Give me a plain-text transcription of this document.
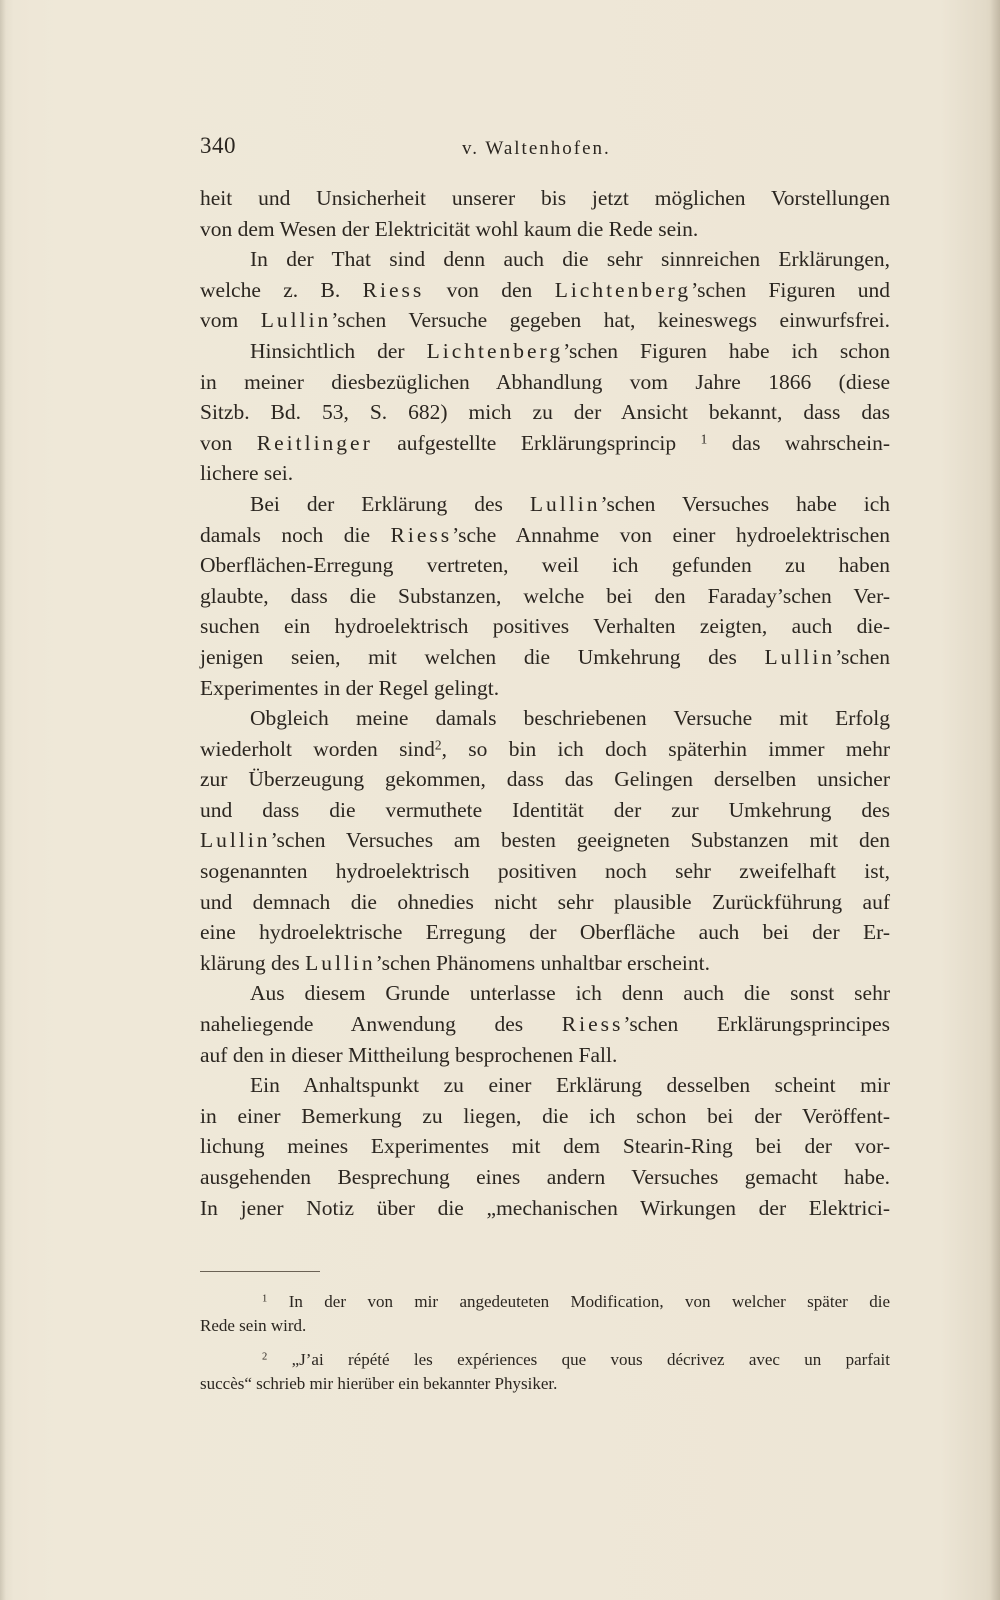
340	v. Waltenhofen.

heit und Unsicherheit unserer bis jetzt möglichen Vorstellungen

von dem Wesen der Elektricität wohl kaum die Rede sein.

In der That sind denn auch die sehr sinnreichen Erklärungen,

welche z. B. Riess von den Lichtenberg’schen Figuren und

vom Lullin’schen Versuche gegeben hat, keineswegs einwurfsfrei.

Hinsichtlich der Lichtenberg’schen Figuren habe ich schon

in meiner diesbezüglichen Abhandlung vom Jahre 1866 (diese

Sitzb. Bd. 53, S. 682) mich zu der Ansicht bekannt, dass das

von Reitlinger aufgestellte Erklärungsprincip $^1$ das wahrschein-

lichere sei.

Bei der Erklärung des Lullin’schen Versuches habe ich

damals noch die Riess’sche Annahme von einer hydroelektrischen

Oberflächen-Erregung vertreten, weil ich gefunden zu haben

glaubte, dass die Substanzen, welche bei den Faraday’schen Ver-

suchen ein hydroelektrisch positives Verhalten zeigten, auch die-

jenigen seien, mit welchen die Umkehrung des Lullin’schen

Experimentes in der Regel gelingt.

Obgleich meine damals beschriebenen Versuche mit Erfolg

wiederholt worden sind$^2$, so bin ich doch späterhin immer mehr

zur Überzeugung gekommen, dass das Gelingen derselben unsicher

und dass die vermuthete Identität der zur Umkehrung des

Lullin’schen Versuches am besten geeigneten Substanzen mit den

sogenannten hydroelektrisch positiven noch sehr zweifelhaft ist,

und demnach die ohnedies nicht sehr plausible Zurückführung auf

eine hydroelektrische Erregung der Oberfläche auch bei der Er-

klärung des Lullin’schen Phänomens unhaltbar erscheint.

Aus diesem Grunde unterlasse ich denn auch die sonst sehr

naheliegende Anwendung des Riess’schen Erklärungsprincipes

auf den in dieser Mittheilung besprochenen Fall.

Ein Anhaltspunkt zu einer Erklärung desselben scheint mir

in einer Bemerkung zu liegen, die ich schon bei der Veröffent-

lichung meines Experimentes mit dem Stearin-Ring bei der vor-

ausgehenden Besprechung eines andern Versuches gemacht habe.

In jener Notiz über die „mechanischen Wirkungen der Elektrici-

$^1$ In der von mir angedeuteten Modification, von welcher später die

Rede sein wird.

$^2$ „J’ai répété les expériences que vous décrivez avec un parfait

succès“ schrieb mir hierüber ein bekannter Physiker.
